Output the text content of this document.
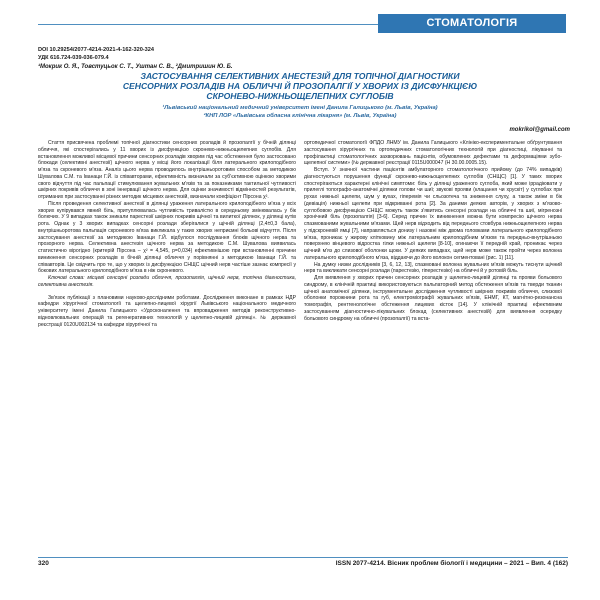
СТОМАТОЛОГІЯ
DOI 10.29254/2077-4214-2021-4-162-320-324
УДК 616.724-039-036-079.4
¹Мокрик О. Я., Товстуцьок С. Т., Уштан С. В., ²Дмитришин Ю. Б.
ЗАСТОСУВАННЯ СЕЛЕКТИВНИХ АНЕСТЕЗІЙ ДЛЯ ТОПІЧНОЇ ДІАГНОСТИКИ
СЕНСОРНИХ РОЗЛАДІВ НА ОБЛИЧЧІ Й ПРОЗОПАЛГІЇ У ХВОРИХ ІЗ ДИСФУНКЦІЄЮ
СКРОНЕВО-НИЖНЬОЩЕЛЕПНИХ СУГЛОБІВ
¹Львівський національний медичний університет імені Данила Галицького (м. Львів, Україна)
²КНП ЛОР «Львівська обласна клінічна лікарня» (м. Львів, Україна)
mokrikol@gmail.com

Стаття присвячена проблемі топічної діагностики сенсорних розладів й прозопалгії у бічній ділянці обличчя, які спостерігались у 11 хворих із дисфункцією скронево-нижньощелепних суглобів. Для встановлення можливої місцевої причини сенсорних розладів хворим під час обстеження було застосовано блокади (селективні анестезії) щічного нерва у місці його локалізації біля латерального крилоподібного м'яза та скроневого м'яза. Аналіз цього нерва проводилось внутрішньоротовим способом за методикою Шувалова С.М. та Іванаци Г.Й. із співавторами, ефективність визначали за суб'єктивною оцінкою хворими свого відчуття під час пальпації стимулювання жувальних м'язів та за показниками тактильної чутливості шкірних покривів обличчя в зоні іннервації щічного нерва. Для оцінки значимості відмінностей результатів, отриманих при застосуванні різних методик місцевих анестезій, визначали коефіцієнт Пірсона χ².

Після проведення селективної анестезії в ділянці ураження латерального крилоподібного м'яза у всіх хворих купірувався явний біль, притуплювалась чутливість тривалістю в середньому змінювалась у бік болючих. У 9 випадках також зникали парестезії шкірних покривів щічної та вилиткої ділянок, у ділянці кутів рота. Однак у 3 хворих випадках сенсорні розлади зберігалися у щічній ділянці (2,4±0,3 бала), внутрішньоротова пальпація скроневого м'яза викликала у таких хворих неприємні больові відчуття. Після застосування анестезії за методикою Іванаци Г.Й. відбулося послідування блоків щічного нерва та прозорного нерва. Селективна анестезія щічного нерва за методикою С.М. Шувалова виявилась статистично вірогідно (критерій Пірсона – χ² = 4,545, p=0,034) ефективнішою при встановленні причини виникнення сенсорних розладів в бічній ділянці обличчя у порівнянні з методикою Іванаци Г.Й. та співавторів. Це свідчить про те, що у хворих із дисфункцією СНЩС щічний нерв частіше зазнає компресії у бокових латерального крилоподібного м'яза в ніж скроневого.

Ключові слова: місцеві сенсорні розлади обличчя, прозопалгія, щічний нерв, топічна діагностика, селективна анестезія.

Зв'язок публікації з плановими науково-дослідними роботами. Дослідження виконане в рамках НДР кафедри хірургічної стоматології та щелепно-лицевої хірургії Львівського національного медичного університету імені Данила Галицького «Удосконалення та впровадження методів реконструктивно-відновлювальних операцій та регенеративних технологій у щелепно-лицевій ділянці». № державної реєстрації 0120U002134 та кафедри хірургічної та

ортопедичної стоматології ФПДО ЛНМУ ім. Данила Галицького «Клініко-експериментальне обґрунтування застосування хірургічних та ортопедичних стоматологічних технологій при діагностиці, лікуванні та профілактиці стоматологічних захворювань пацієнтів, обумовлених дефектами та деформаціями зубо-щелепної системи» (№ державної реєстрації 0115U000047 (H 30.00.0005.15).

Вступ. У значної частини пацієнтів амбулаторного стоматологічного прийому (до 74% випадків) діагностуються порушення функції скронево-нижньощелепних суглобів (СНЩС) [1]. У таких хворих спостерігаються характерні клінічні симптоми: біль у ділянці ураженого суглоба, який може іррадіювати у прилеглі топографо-анатомічні ділянки голови чи шиї; звукові прояви (клацання чи хрускіт) у суглобах при рухах нижньої щелепи, шум у вухах, гіперемія чи сльозотеча та зниження слуху, а також зміни в бік (девіація) нижньої щелепи при відкриванні рота [2]. За даними деяких авторів, у хворих з м'язово-суглобовою дисфункцією СНЩС можуть також з'явитись сенсорні розлади на обличчі та шиї, мігренозні хронічний біль (прозопалгія) [3-6]. Серед причин їх виникнення можна бути компресію щічного нерва спазмованими жувальними м'язами. Щей нерв відходить від переднього стовбура нижньощелепного нерва у підскроневій ямці [7], направляється донизу і назовні між двома головками латерального крилоподібного м'яза, проникає у жирову клітковину між латеральним крилоподібним м'язом та передньо-внутрішньою поверхнею вінцевого відростка гілки нижньої щелепи [8-10], огинаючи її передній край, проникає через щічний м'яз до слизової оболонки щоки. У деяких випадках, щей нерв може також пройти через волокна латерального крилоподібного м'яза, віддаючи до його волокон сегментовані (рис. 1) [11].

На думку низки дослідників [3, 6, 12, 13], спазмовані волокна жувальних м'язів можуть тиснути щічний нерв та викликати сенсорні розлади (парестезію, гіперестезію) на обличчі й у ротовій біль.

Для виявлення у хворих причин сенсорних розладів у щелепно-лицевій ділянці та прояви больового синдрому, в клінічній практиці використовуються пальпаторний метод обстеження м'язів та тверди тканин щічної анатомічної ділянки, інструментальне дослідження чутливості шкірних покривів обличчя, слизової оболонки порожнини рота та губ, електроміографії жувальних м'язів, ЕНМГ, КТ, магнітно-резонансна томографія, рентгенологічне обстеження лицевих кісток [14]. У клінічній практиці ефективним застосуванням діагностично-лікувальних блокад (селективних анестезій) для виявлення осередку больового синдрому на обличчі (прозопалгії) та вста-

320	ISSN 2077-4214. Вісник проблем біології і медицини – 2021 – Вип. 4 (162)
